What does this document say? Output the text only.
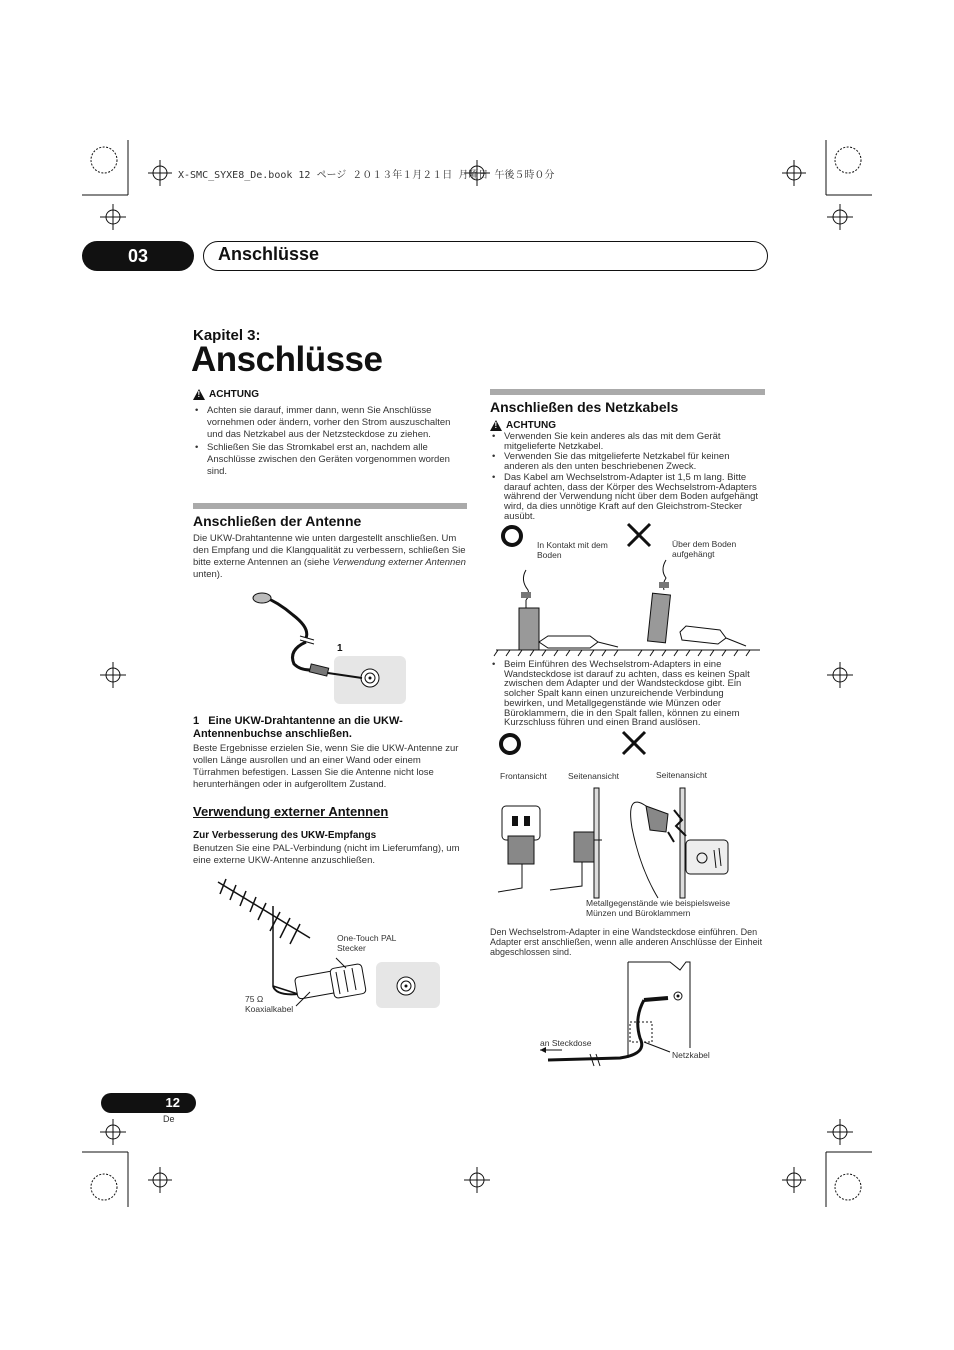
X-SMC_SYXE8_De.book 12 ページ ２０１３年１月２１日 月曜日 午後５時０分
03	Anschlüsse
Kapitel 3:
Anschlüsse
!
ACHTUNG
• Achten sie darauf, immer dann, wenn Sie Anschlüsse vornehmen oder ändern, vorher den Strom auszuschalten und das Netzkabel aus der Netzsteckdose zu ziehen.
• Schließen Sie das Stromkabel erst an, nachdem alle Anschlüsse zwischen den Geräten vorgenommen worden sind.
Anschließen der Antenne
Die UKW-Drahtantenne wie unten dargestellt anschließen. Um den Empfang und die Klangqualität zu verbessern, schließen Sie bitte externe Antennen an (siehe Verwendung externer Antennen unten).
1
1 Eine UKW-Drahtantenne an die UKW-Antennenbuchse anschließen.
Beste Ergebnisse erzielen Sie, wenn Sie die UKW-Antenne zur vollen Länge ausrollen und an einer Wand oder einem Türrahmen befestigen. Lassen Sie die Antenne nicht lose herunterhängen oder in aufgerolltem Zustand.
Verwendung externer Antennen
Zur Verbesserung des UKW-Empfangs
Benutzen Sie eine PAL-Verbindung (nicht im Lieferumfang), um eine externe UKW-Antenne anzuschließen.
One-Touch PAL Stecker
75 Ω
Koaxialkabel
Anschließen des Netzkabels
!
ACHTUNG
• Verwenden Sie kein anderes als das mit dem Gerät mitgelieferte Netzkabel.
• Verwenden Sie das mitgelieferte Netzkabel für keinen anderen als den unten beschriebenen Zweck.
• Das Kabel am Wechselstrom-Adapter ist 1,5 m lang. Bitte darauf achten, dass der Körper des Wechselstrom-Adapters während der Verwendung nicht über dem Boden aufgehängt wird, da dies unnötige Kraft auf den Gleichstrom-Stecker ausübt.
In Kontakt mit dem
Boden
Über dem Boden
aufgehängt
• Beim Einführen des Wechselstrom-Adapters in eine Wandsteckdose ist darauf zu achten, dass es keinen Spalt zwischen dem Adapter und der Wandsteckdose gibt. Ein solcher Spalt kann einen unzureichende Verbindung bewirken, und Metallgegenstände wie Münzen oder Büroklammern, die in den Spalt fallen, können zu einem Kurzschluss führen und einen Brand auslösen.
Frontansicht Seitenansicht	Seitenansicht
Metallgegenstände wie beispielsweise
Münzen und Büroklammern
Den Wechselstrom-Adapter in eine Wandsteckdose einführen. Den Adapter erst anschließen, wenn alle anderen Anschlüsse der Einheit abgeschlossen sind.
an Steckdose
Netzkabel
12
De
